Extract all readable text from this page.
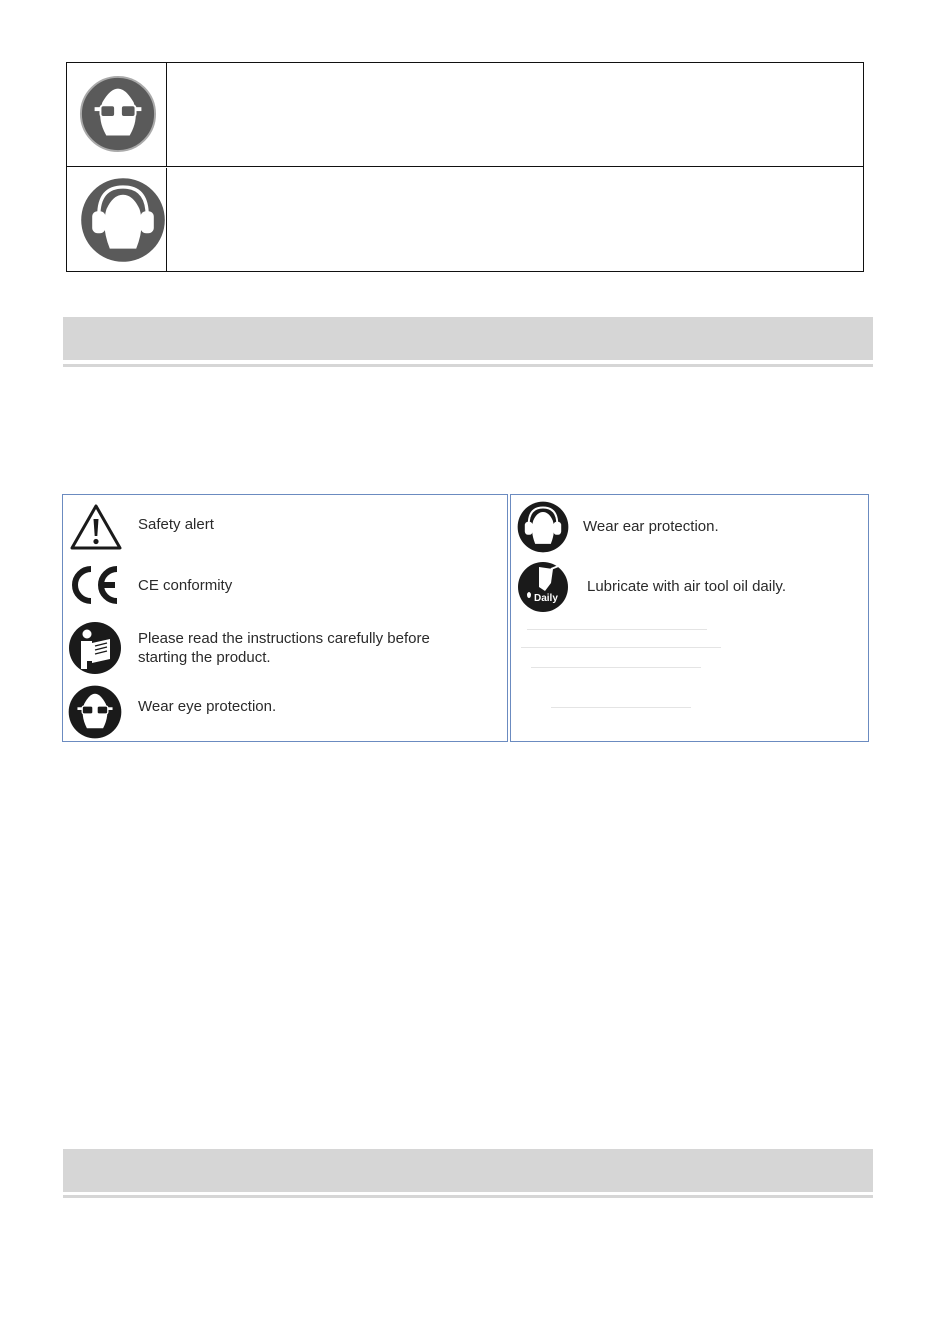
Safety alert
CE conformity
Please read the instructions carefully before
starting the product.
Wear eye protection.
Wear ear protection.
Daily
Lubricate with air tool oil daily.
